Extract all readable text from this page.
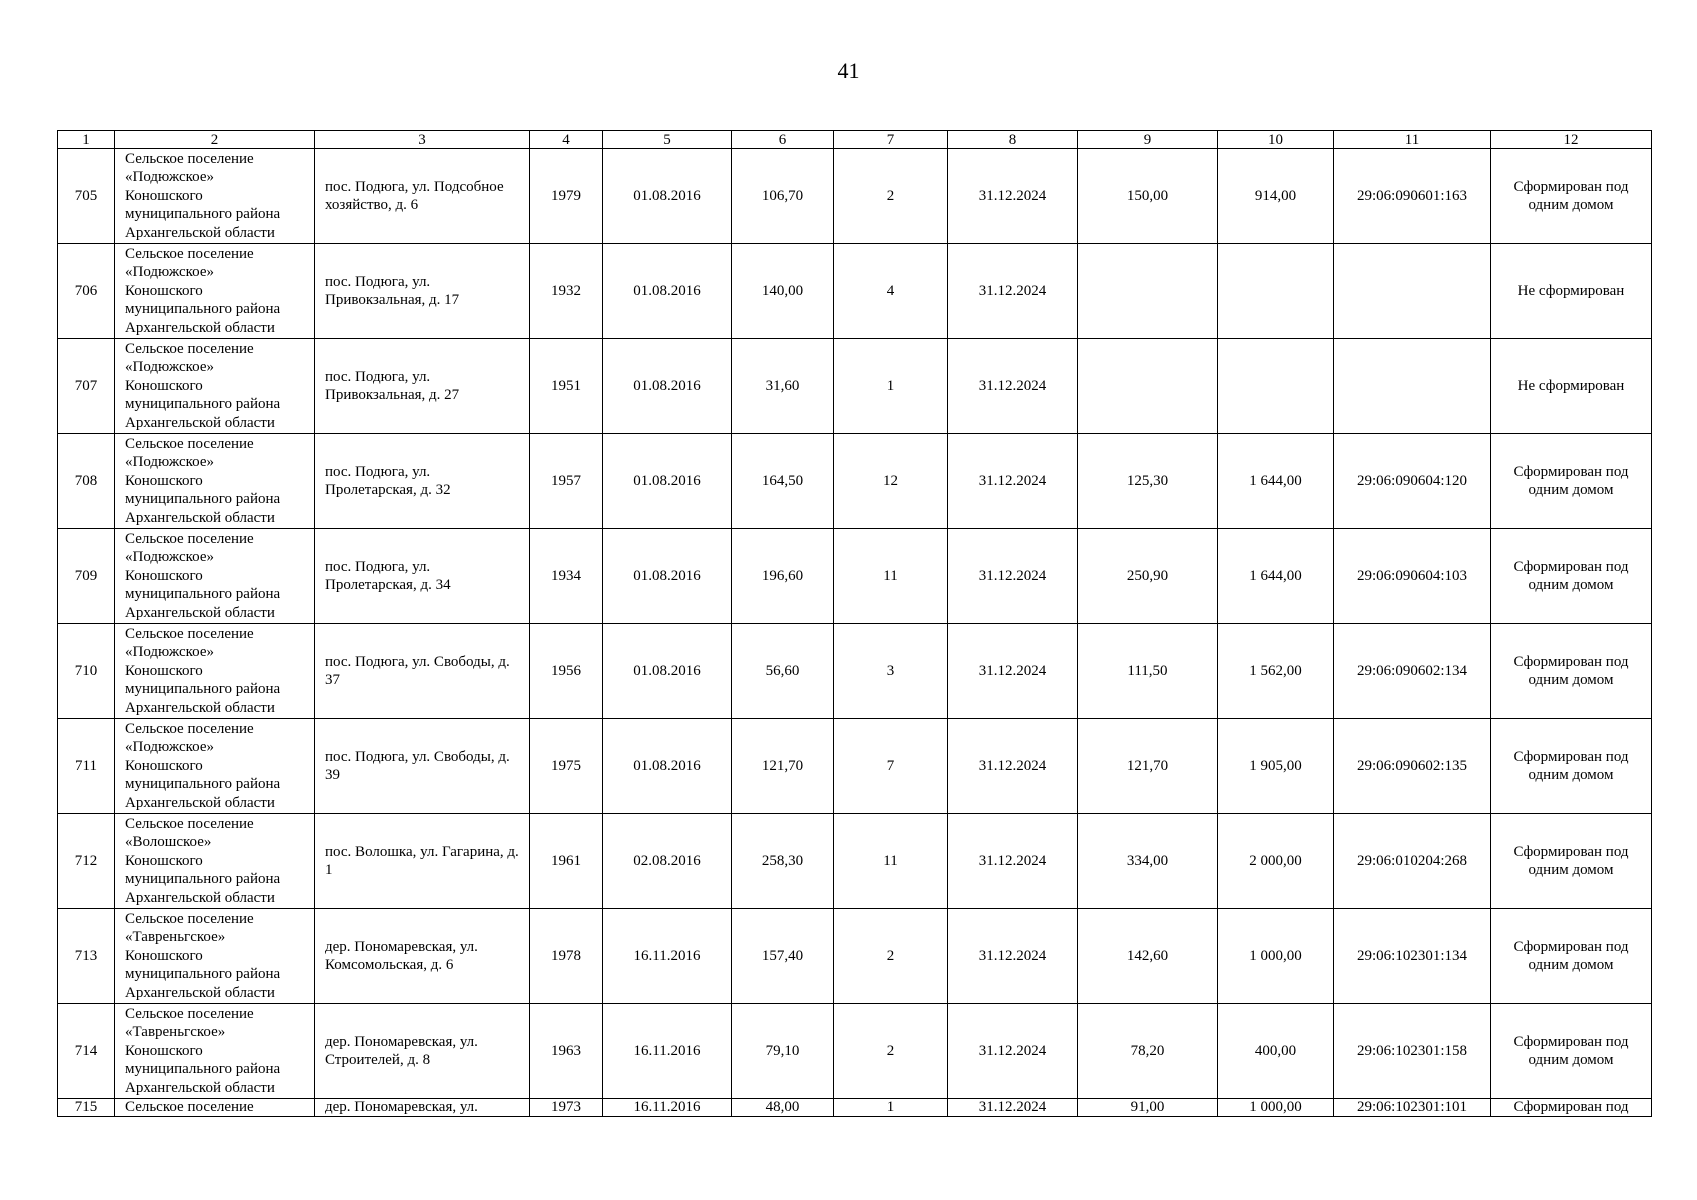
41
1	2	3	4	5	6	7	8	9	10	11	12
705	Сельское поселение
«Подюжское»
Коношского
муниципального района
Архангельской области	пос. Подюга, ул. Подсобное хозяйство, д. 6	1979	01.08.2016	106,70	2	31.12.2024	150,00	914,00	29:06:090601:163	Сформирован под одним домом
706	Сельское поселение
«Подюжское»
Коношского
муниципального района
Архангельской области	пос. Подюга, ул. Привокзальная, д. 17	1932	01.08.2016	140,00	4	31.12.2024				Не сформирован
707	Сельское поселение
«Подюжское»
Коношского
муниципального района
Архангельской области	пос. Подюга, ул. Привокзальная, д. 27	1951	01.08.2016	31,60	1	31.12.2024				Не сформирован
708	Сельское поселение
«Подюжское»
Коношского
муниципального района
Архангельской области	пос. Подюга, ул. Пролетарская, д. 32	1957	01.08.2016	164,50	12	31.12.2024	125,30	1 644,00	29:06:090604:120	Сформирован под одним домом
709	Сельское поселение
«Подюжское»
Коношского
муниципального района
Архангельской области	пос. Подюга, ул. Пролетарская, д. 34	1934	01.08.2016	196,60	11	31.12.2024	250,90	1 644,00	29:06:090604:103	Сформирован под одним домом
710	Сельское поселение
«Подюжское»
Коношского
муниципального района
Архангельской области	пос. Подюга, ул. Свободы, д. 37	1956	01.08.2016	56,60	3	31.12.2024	111,50	1 562,00	29:06:090602:134	Сформирован под одним домом
711	Сельское поселение
«Подюжское»
Коношского
муниципального района
Архангельской области	пос. Подюга, ул. Свободы, д. 39	1975	01.08.2016	121,70	7	31.12.2024	121,70	1 905,00	29:06:090602:135	Сформирован под одним домом
712	Сельское поселение
«Волошское»
Коношского
муниципального района
Архангельской области	пос. Волошка, ул. Гагарина, д. 1	1961	02.08.2016	258,30	11	31.12.2024	334,00	2 000,00	29:06:010204:268	Сформирован под одним домом
713	Сельское поселение
«Тавреньгское»
Коношского
муниципального района
Архангельской области	дер. Пономаревская, ул. Комсомольская, д. 6	1978	16.11.2016	157,40	2	31.12.2024	142,60	1 000,00	29:06:102301:134	Сформирован под одним домом
714	Сельское поселение
«Тавреньгское»
Коношского
муниципального района
Архангельской области	дер. Пономаревская, ул. Строителей, д. 8	1963	16.11.2016	79,10	2	31.12.2024	78,20	400,00	29:06:102301:158	Сформирован под одним домом
715	Сельское поселение	дер. Пономаревская, ул.	1973	16.11.2016	48,00	1	31.12.2024	91,00	1 000,00	29:06:102301:101	Сформирован под
